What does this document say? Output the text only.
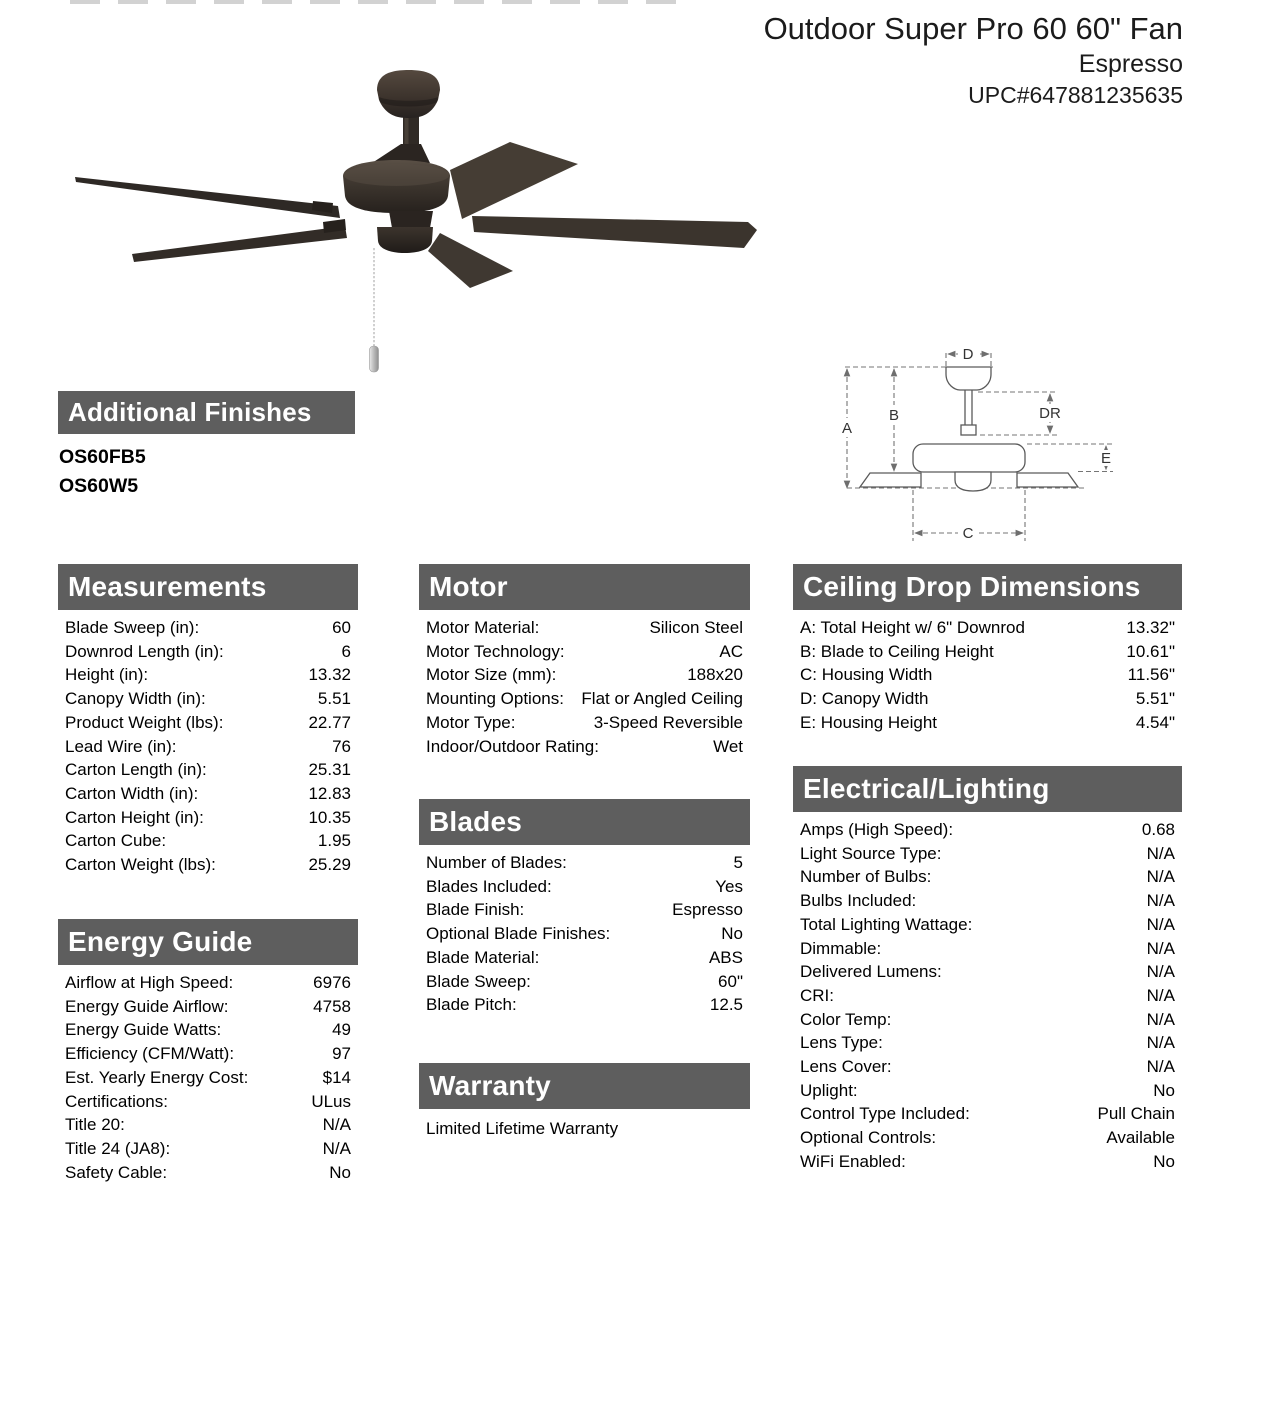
Outdoor Super Pro 60 60" Fan
Espresso
UPC#647881235635
A
B
D
DR
E
C
Additional Finishes
OS60FB5
OS60W5
Measurements
Blade Sweep (in):	60
Downrod Length (in):	6
Height (in):	13.32
Canopy Width (in):	5.51
Product Weight (lbs):	22.77
Lead Wire (in):	76
Carton Length (in):	25.31
Carton Width (in):	12.83
Carton Height (in):	10.35
Carton Cube:	1.95
Carton Weight (lbs):	25.29
Energy Guide
Airflow at High Speed:	6976
Energy Guide Airflow:	4758
Energy Guide Watts:	49
Efficiency (CFM/Watt):	97
Est. Yearly Energy Cost:	$14
Certifications:	ULus
Title 20:	N/A
Title 24 (JA8):	N/A
Safety Cable:	No
Motor
Motor Material:	Silicon Steel
Motor Technology:	AC
Motor Size (mm):	188x20
Mounting Options: Flat or Angled Ceiling
Motor Type:	3-Speed Reversible
Indoor/Outdoor Rating:	Wet
Blades
Number of Blades:	5
Blades Included:	Yes
Blade Finish:	Espresso
Optional Blade Finishes:	No
Blade Material:	ABS
Blade Sweep:	60"
Blade Pitch:	12.5
Warranty
Limited Lifetime Warranty
Ceiling Drop Dimensions
A: Total Height w/ 6" Downrod	13.32"
B: Blade to Ceiling Height	10.61"
C: Housing Width	11.56"
D: Canopy Width	5.51"
E: Housing Height	4.54"
Electrical/Lighting
Amps (High Speed):	0.68
Light Source Type:	N/A
Number of Bulbs:	N/A
Bulbs Included:	N/A
Total Lighting Wattage:	N/A
Dimmable:	N/A
Delivered Lumens:	N/A
CRI:	N/A
Color Temp:	N/A
Lens Type:	N/A
Lens Cover:	N/A
Uplight:	No
Control Type Included:	Pull Chain
Optional Controls:	Available
WiFi Enabled:	No
